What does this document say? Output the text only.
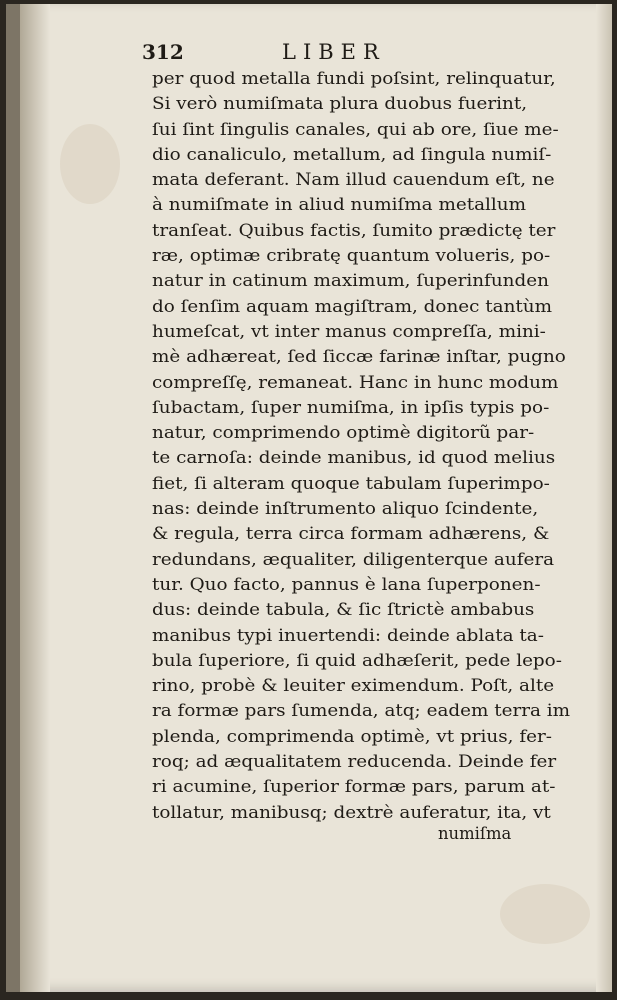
312	LIBER
per quod metalla fundi poſsint, relinquatur,
Si verò numiſmata plura duobus fuerint,
ſui ſint ſingulis canales, qui ab ore, ſiue me-
dio canaliculo, metallum, ad ſingula numiſ-
mata deferant. Nam illud cauendum eſt, ne
à numiſmate in aliud numiſma metallum
tranſeat. Quibus factis, ſumito prædictę ter
ræ, optimæ cribratę quantum volueris, po-
natur in catinum maximum, ſuperinfunden
do ſenſim aquam magiſtram, donec tantùm
humeſcat, vt inter manus compreſſa, mini-
mè adhæreat, ſed ſiccæ farinæ inſtar, pugno
compreſſę, remaneat. Hanc in hunc modum
ſubactam, ſuper numiſma, in ipſis typis po-
natur, comprimendo optimè digitorũ par-
te carnoſa: deinde manibus, id quod melius
fiet, ſi alteram quoque tabulam ſuperimpo-
nas: deinde inſtrumento aliquo ſcindente,
& regula, terra circa formam adhærens, &
redundans, æqualiter, diligenterque aufera
tur. Quo facto, pannus è lana ſuperponen-
dus: deinde tabula, & ſic ſtrictè ambabus
manibus typi inuertendi: deinde ablata ta-
bula ſuperiore, ſi quid adhæſerit, pede lepo-
rino, probè & leuiter eximendum. Poſt, alte
ra formæ pars ſumenda, atq; eadem terra im
plenda, comprimenda optimè, vt prius, fer-
roq; ad æqualitatem reducenda. Deinde fer
ri acumine, ſuperior formæ pars, parum at-
tollatur, manibusq; dextrè auferatur, ita, vt
numiſma
